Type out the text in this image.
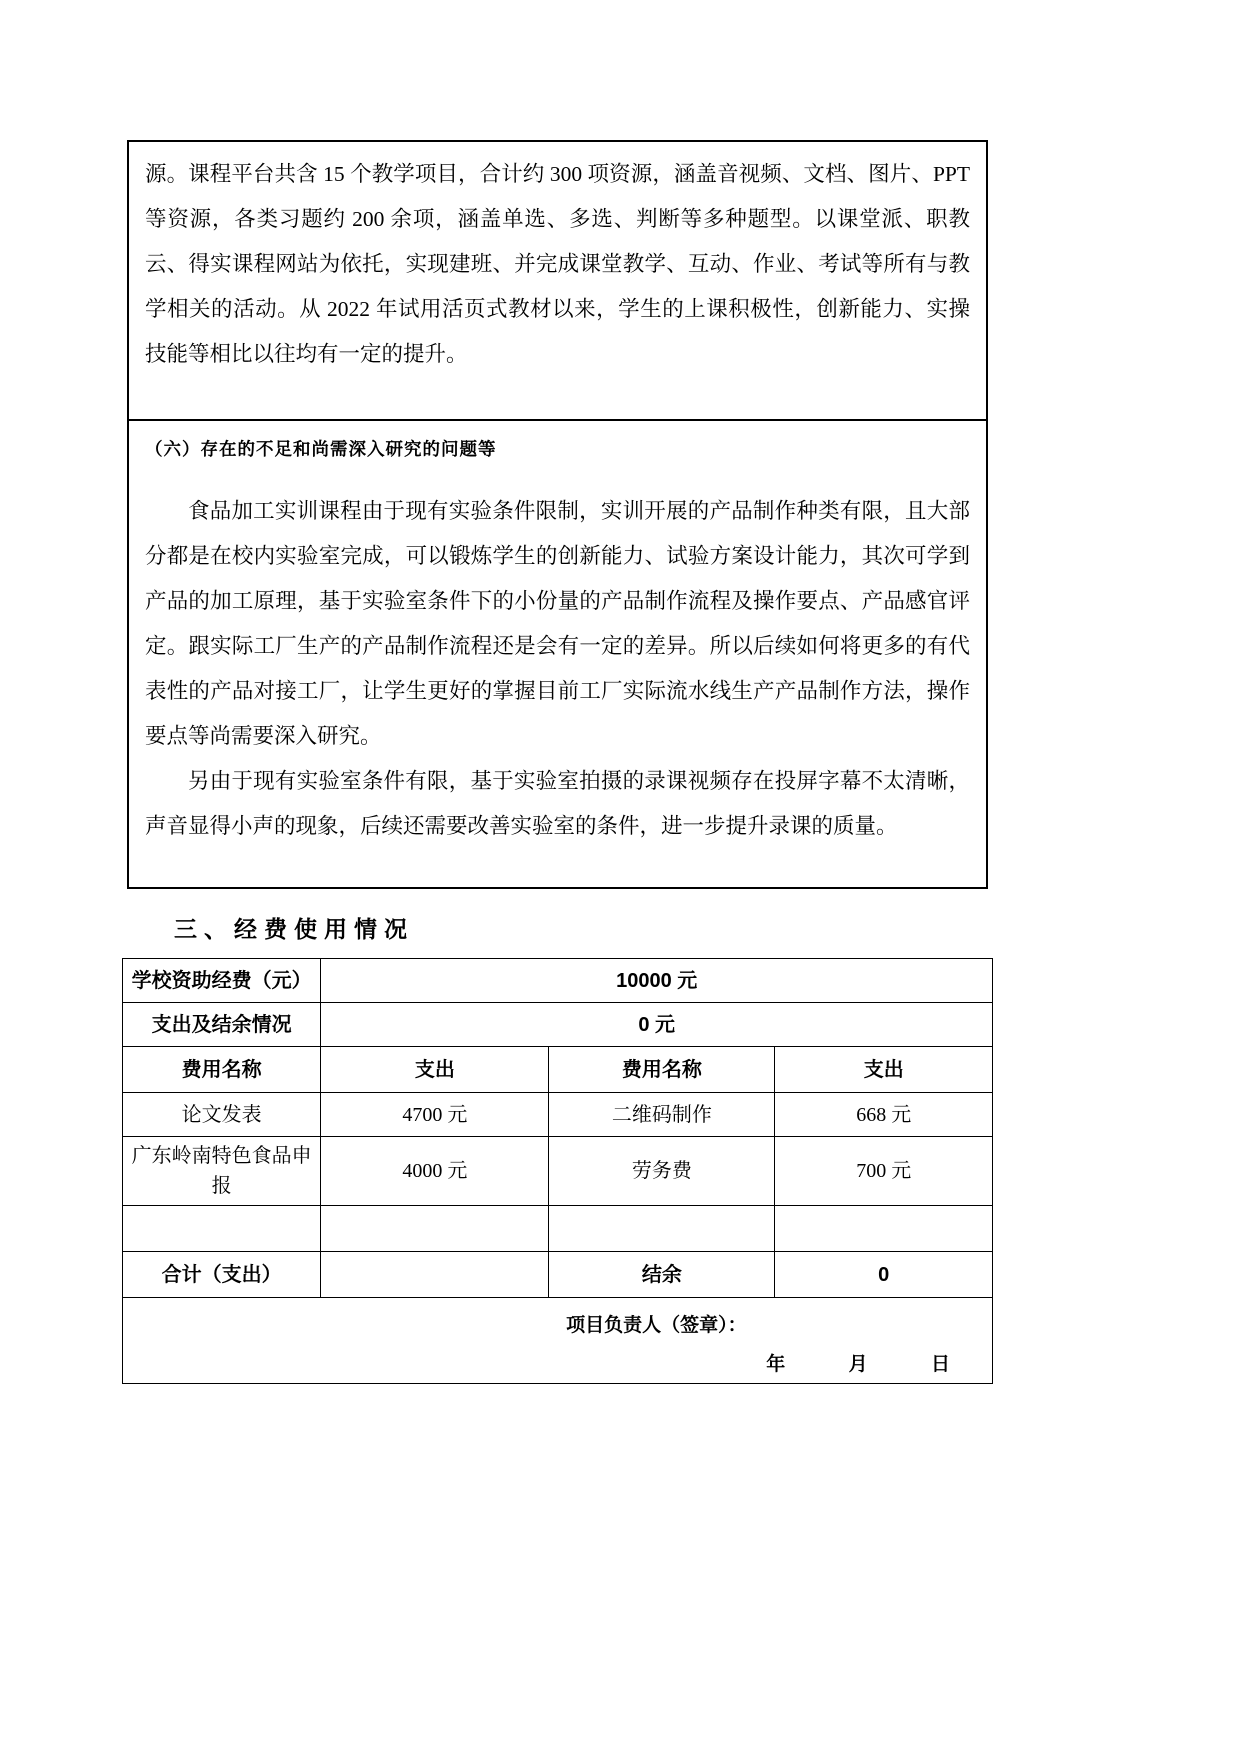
源。课程平台共含 15 个教学项目，合计约 300 项资源，涵盖音视频、文档、图片、PPT 等资源，各类习题约 200 余项，涵盖单选、多选、判断等多种题型。以课堂派、职教云、得实课程网站为依托，实现建班、并完成课堂教学、互动、作业、考试等所有与教学相关的活动。从 2022 年试用活页式教材以来，学生的上课积极性，创新能力、实操技能等相比以往均有一定的提升。

（六）存在的不足和尚需深入研究的问题等

食品加工实训课程由于现有实验条件限制，实训开展的产品制作种类有限，且大部分都是在校内实验室完成，可以锻炼学生的创新能力、试验方案设计能力，其次可学到产品的加工原理，基于实验室条件下的小份量的产品制作流程及操作要点、产品感官评定。跟实际工厂生产的产品制作流程还是会有一定的差异。所以后续如何将更多的有代表性的产品对接工厂，让学生更好的掌握目前工厂实际流水线生产产品制作方法，操作要点等尚需要深入研究。

另由于现有实验室条件有限，基于实验室拍摄的录课视频存在投屏字幕不太清晰，声音显得小声的现象，后续还需要改善实验室的条件，进一步提升录课的质量。

三、经费使用情况
学校资助经费（元）	10000 元		
支出及结余情况	0 元		
费用名称	支出	费用名称	支出
论文发表	4700 元	二维码制作	668 元
广东岭南特色食品申报	4000 元	劳务费	700 元

合计（支出）		结余	0

项目负责人（签章）：
年            月            日			
